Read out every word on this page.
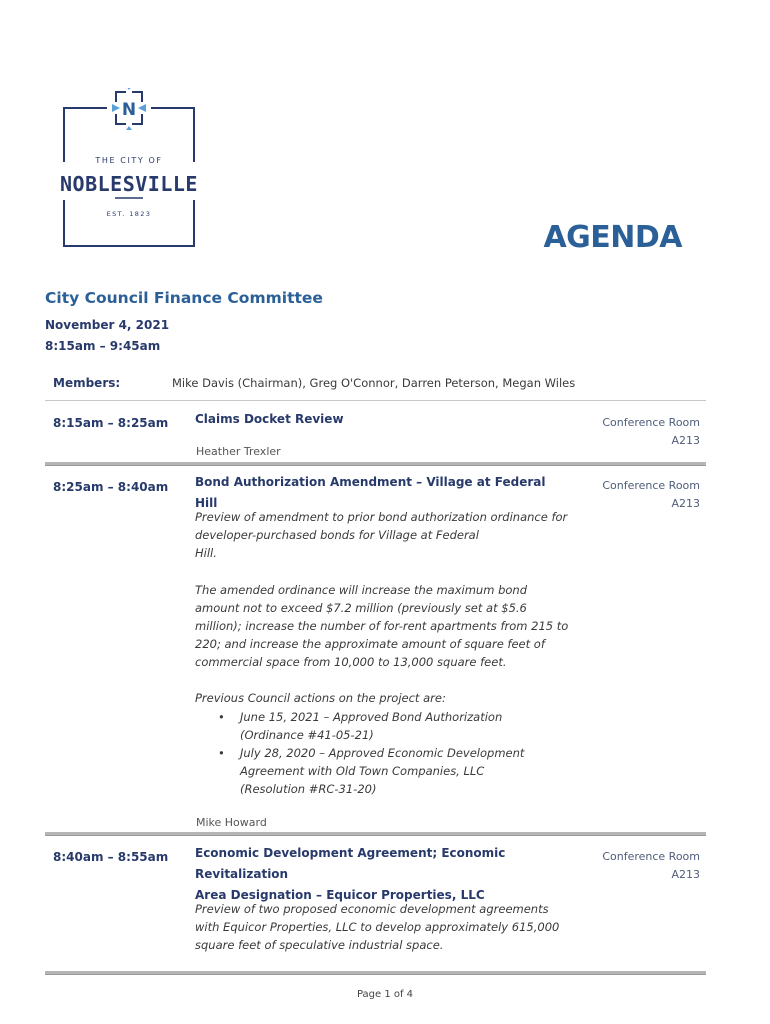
N
THE CITY OF
NOBLESVILLE
EST. 1823
AGENDA
City Council Finance Committee
November 4, 2021
8:15am – 9:45am
Members:	Mike Davis (Chairman), Greg O'Connor, Darren Peterson, Megan Wiles
8:15am – 8:25am Claims Docket Review	Conference Room
A213
Heather Trexler
8:25am – 8:40am Bond Authorization Amendment – Village at Federal Hill
Conference Room
A213

Preview of amendment to prior bond authorization ordinance for

developer-purchased bonds for Village at Federal

Hill.

The amended ordinance will increase the maximum bond

amount not to exceed $7.2 million (previously set at $5.6

million); increase the number of for-rent apartments from 215 to

220; and increase the approximate amount of square feet of

commercial space from 10,000 to 13,000 square feet.

Previous Council actions on the project are:
• June 15, 2021 – Approved Bond Authorization
(Ordinance #41-05-21)
• July 28, 2020 – Approved Economic Development
Agreement with Old Town Companies, LLC
(Resolution #RC-31-20)
Mike Howard
8:40am – 8:55am Economic Development Agreement; Economic Revitalization
Area Designation – Equicor Properties, LLC
Conference Room
A213

Preview of two proposed economic development agreements

with Equicor Properties, LLC to develop approximately 615,000

square feet of speculative industrial space.

Page 1 of 4
